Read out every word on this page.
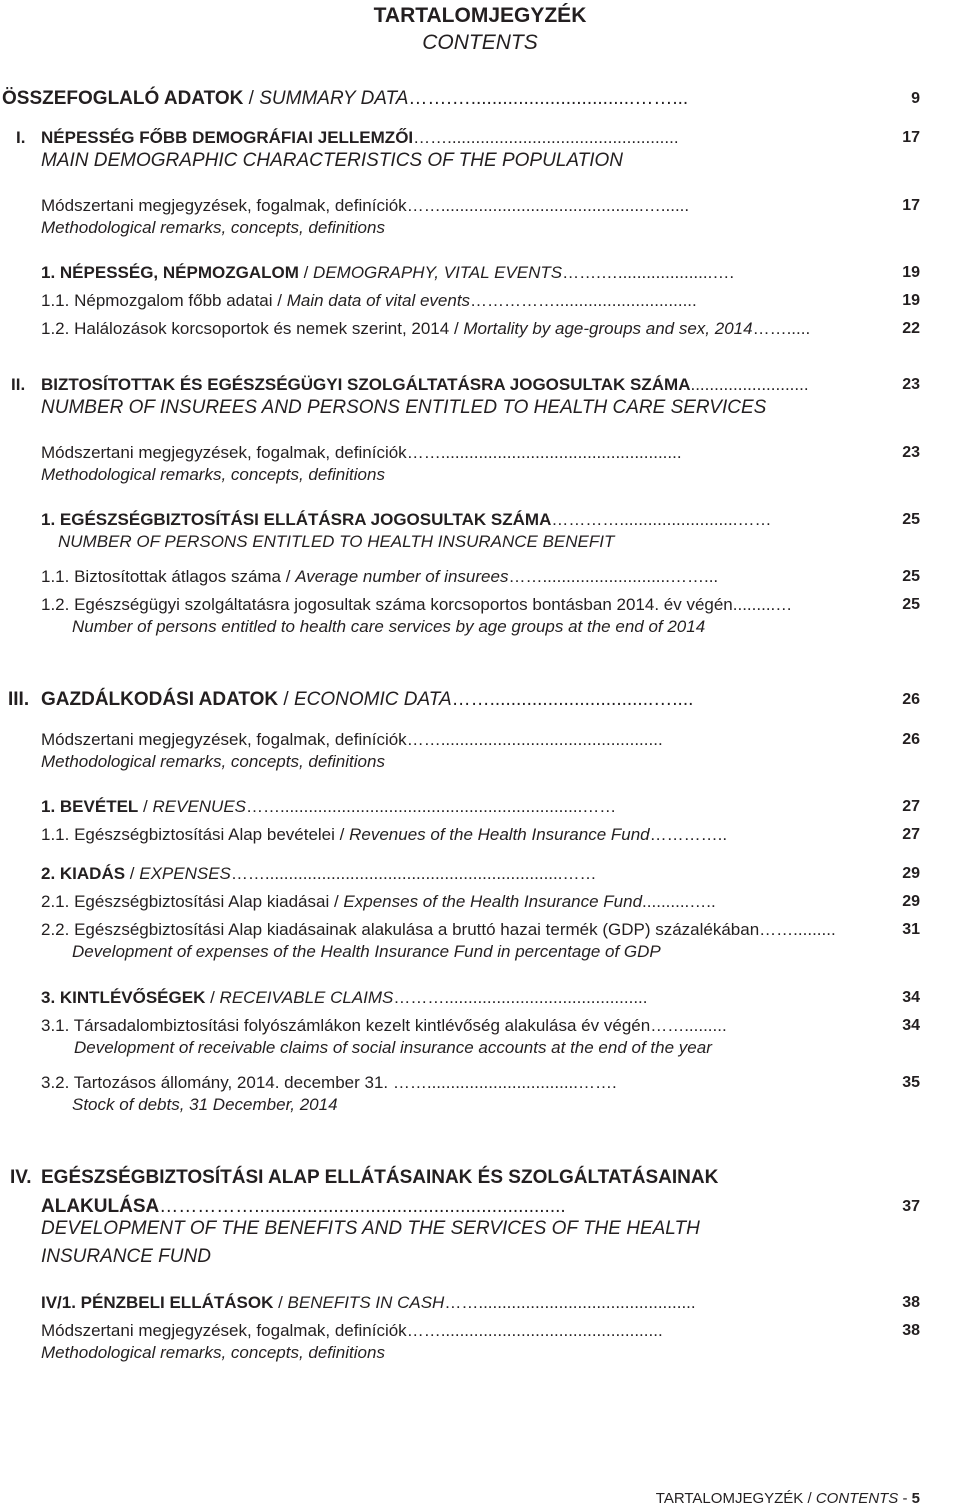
TARTALOMJEGYZÉK
CONTENTS
ÖSSZEFOGLALÓ ADATOK / SUMMARY DATA…….…...............................……...	9
I. NÉPESSÉG FŐBB DEMOGRÁFIAI JELLEMZŐI…….................................................	17
MAIN DEMOGRAPHIC CHARACTERISTICS OF THE POPULATION
Módszertani megjegyzések, fogalmak, definíciók……...........................................…......	17
Methodological remarks, concepts, definitions
1. NÉPESSÉG, NÉPMOZGALOM / DEMOGRAPHY, VITAL EVENTS…….…....................….	19
1.1. Népmozgalom főbb adatai / Main data of vital events……………..............................	19
1.2. Halálozások korcsoportok és nemek szerint, 2014 / Mortality by age-groups and sex, 2014…….....	22
II. BIZTOSÍTOTTAK ÉS EGÉSZSÉGÜGYI SZOLGÁLTATÁSRA JOGOSULTAK SZÁMA.........................	23
NUMBER OF INSUREES AND PERSONS ENTITLED TO HEALTH CARE SERVICES
Módszertani megjegyzések, fogalmak, definíciók……...................................................	23
Methodological remarks, concepts, definitions
1. EGÉSZSÉGBIZTOSÍTÁSI ELLÁTÁSRA JOGOSULTAK SZÁMA………….........................……	25
NUMBER OF PERSONS ENTITLED TO HEALTH INSURANCE BENEFIT
1.1. Biztosítottak átlagos száma / Average number of insurees……...........................……...	25
1.2. Egészségügyi szolgáltatásra jogosultak száma korcsoportos bontásban 2014. év végén.........…	25
Number of persons entitled to health care services by age groups at the end of 2014
III. GAZDÁLKODÁSI ADATOK / ECONOMIC DATA……...............................…....	26
Módszertani megjegyzések, fogalmak, definíciók……...............................................	26
Methodological remarks, concepts, definitions
1. BEVÉTEL / REVENUES……................................................................……	27
1.1. Egészségbiztosítási Alap bevételei / Revenues of the Health Insurance Fund…………..	27
2. KIADÁS / EXPENSES……...............................................................……	29
2.1. Egészségbiztosítási Alap kiadásai / Expenses of the Health Insurance Fund..........…..	29
2.2. Egészségbiztosítási Alap kiadásainak alakulása a bruttó hazai termék (GDP) százalékában…….........	31
Development of expenses of the Health Insurance Fund in percentage of GDP
3. KINTLÉVŐSÉGEK / RECEIVABLE CLAIMS………...........................................	34
3.1. Társadalombiztosítási folyószámlákon kezelt kintlévőség alakulása év végén…….........	34
Development of receivable claims of social insurance accounts at the end of the year
3.2. Tartozásos állomány, 2014. december 31. ……................................…….	35
Stock of debts, 31 December, 2014
IV. EGÉSZSÉGBIZTOSÍTÁSI ALAP ELLÁTÁSAINAK ÉS SZOLGÁLTATÁSAINAK
ALAKULÁSA……………...........................................................	37
DEVELOPMENT OF THE BENEFITS AND THE SERVICES OF THE HEALTH
INSURANCE FUND
IV/1. PÉNZBELI ELLÁTÁSOK / BENEFITS IN CASH……..............................................	38
Módszertani megjegyzések, fogalmak, definíciók……...............................................	38
Methodological remarks, concepts, definitions
TARTALOMJEGYZÉK / CONTENTS - 5
